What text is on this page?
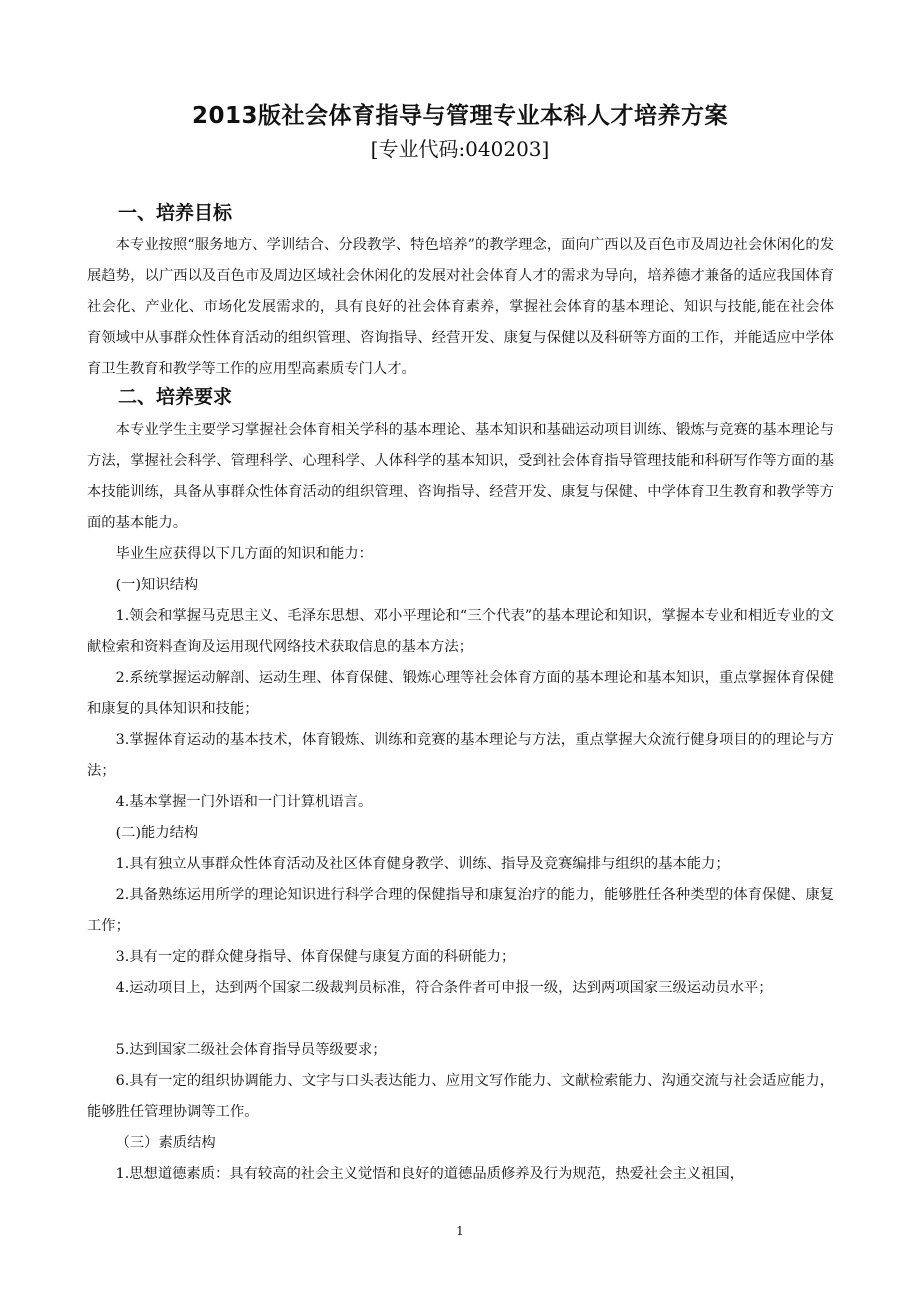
2013版社会体育指导与管理专业本科人才培养方案
[专业代码:040203]
一、培养目标
本专业按照“服务地方、学训结合、分段教学、特色培养”的教学理念，面向广西以及百色市及周边社会休闲化的发展趋势，以广西以及百色市及周边区域社会休闲化的发展对社会体育人才的需求为导向，培养德才兼备的适应我国体育社会化、产业化、市场化发展需求的，具有良好的社会体育素养，掌握社会体育的基本理论、知识与技能,能在社会体育领域中从事群众性体育活动的组织管理、咨询指导、经营开发、康复与保健以及科研等方面的工作，并能适应中学体育卫生教育和教学等工作的应用型高素质专门人才。
二、培养要求
本专业学生主要学习掌握社会体育相关学科的基本理论、基本知识和基础运动项目训练、锻炼与竞赛的基本理论与方法，掌握社会科学、管理科学、心理科学、人体科学的基本知识，受到社会体育指导管理技能和科研写作等方面的基本技能训练，具备从事群众性体育活动的组织管理、咨询指导、经营开发、康复与保健、中学体育卫生教育和教学等方面的基本能力。
毕业生应获得以下几方面的知识和能力：
(一)知识结构
1.领会和掌握马克思主义、毛泽东思想、邓小平理论和“三个代表”的基本理论和知识，掌握本专业和相近专业的文献检索和资料查询及运用现代网络技术获取信息的基本方法；
2.系统掌握运动解剖、运动生理、体育保健、锻炼心理等社会体育方面的基本理论和基本知识，重点掌握体育保健和康复的具体知识和技能；
3.掌握体育运动的基本技术，体育锻炼、训练和竞赛的基本理论与方法，重点掌握大众流行健身项目的的理论与方法；
4.基本掌握一门外语和一门计算机语言。
(二)能力结构
1.具有独立从事群众性体育活动及社区体育健身教学、训练、指导及竞赛编排与组织的基本能力；
2.具备熟练运用所学的理论知识进行科学合理的保健指导和康复治疗的能力，能够胜任各种类型的体育保健、康复工作；
3.具有一定的群众健身指导、体育保健与康复方面的科研能力；
4.运动项目上，达到两个国家二级裁判员标准，符合条件者可申报一级，达到两项国家三级运动员水平；
5.达到国家二级社会体育指导员等级要求；
6.具有一定的组织协调能力、文字与口头表达能力、应用文写作能力、文献检索能力、沟通交流与社会适应能力，能够胜任管理协调等工作。
（三）素质结构
1.思想道德素质：具有较高的社会主义觉悟和良好的道德品质修养及行为规范，热爱社会主义祖国，
1
